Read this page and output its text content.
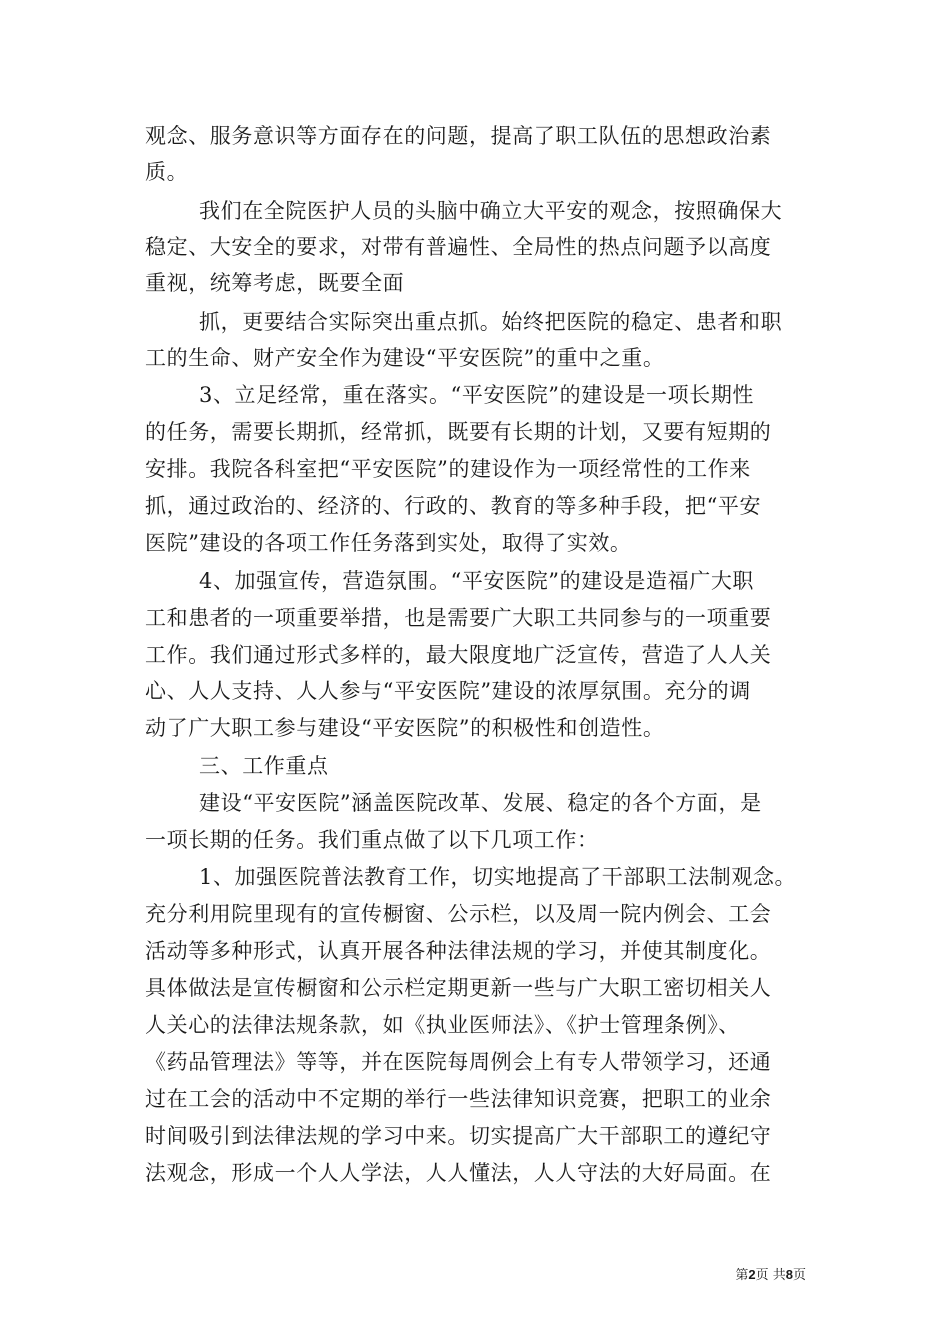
观念、服务意识等方面存在的问题，提高了职工队伍的思想政治素
质。
我们在全院医护人员的头脑中确立大平安的观念，按照确保大
稳定、大安全的要求，对带有普遍性、全局性的热点问题予以高度
重视，统筹考虑，既要全面
抓，更要结合实际突出重点抓。始终把医院的稳定、患者和职
工的生命、财产安全作为建设“平安医院”的重中之重。
3、立足经常，重在落实。“平安医院”的建设是一项长期性
的任务，需要长期抓，经常抓，既要有长期的计划，又要有短期的
安排。我院各科室把“平安医院”的建设作为一项经常性的工作来
抓，通过政治的、经济的、行政的、教育的等多种手段，把“平安
医院”建设的各项工作任务落到实处，取得了实效。
4、加强宣传，营造氛围。“平安医院”的建设是造福广大职
工和患者的一项重要举措，也是需要广大职工共同参与的一项重要
工作。我们通过形式多样的，最大限度地广泛宣传，营造了人人关
心、人人支持、人人参与“平安医院”建设的浓厚氛围。充分的调
动了广大职工参与建设“平安医院”的积极性和创造性。
三、工作重点
建设“平安医院”涵盖医院改革、发展、稳定的各个方面，是
一项长期的任务。我们重点做了以下几项工作：
1、加强医院普法教育工作，切实地提高了干部职工法制观念。
充分利用院里现有的宣传橱窗、公示栏，以及周一院内例会、工会
活动等多种形式，认真开展各种法律法规的学习，并使其制度化。
具体做法是宣传橱窗和公示栏定期更新一些与广大职工密切相关人
人关心的法律法规条款，如《执业医师法》、《护士管理条例》、
《药品管理法》等等，并在医院每周例会上有专人带领学习，还通
过在工会的活动中不定期的举行一些法律知识竞赛，把职工的业余
时间吸引到法律法规的学习中来。切实提高广大干部职工的遵纪守
法观念，形成一个人人学法，人人懂法，人人守法的大好局面。在
第2页 共8页
